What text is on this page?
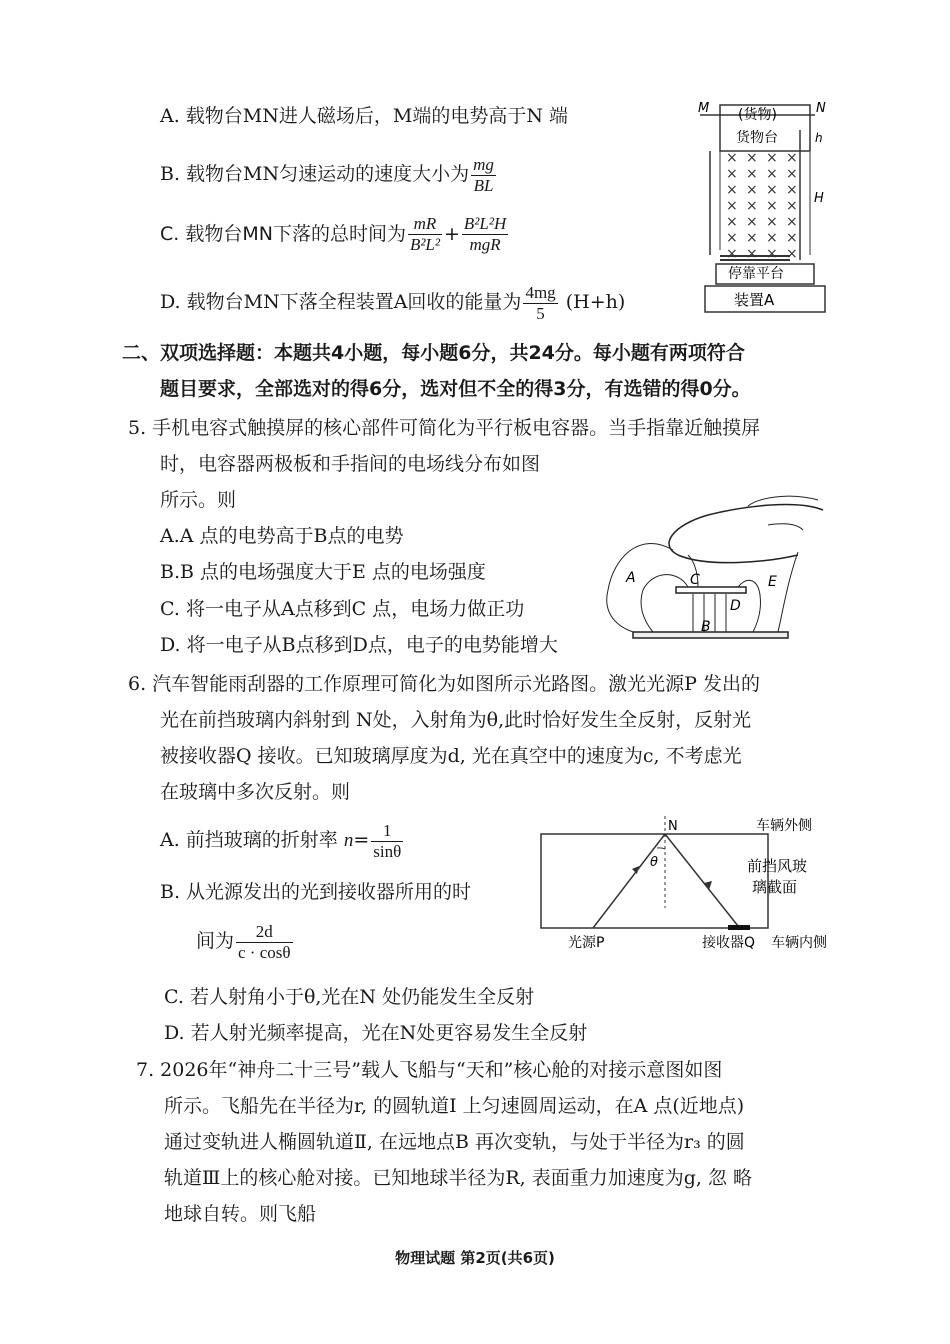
A. 载物台MN进人磁场后，M端的电势高于N 端
B. 载物台MN匀速运动的速度大小为 $\frac{mg}{BL}$
C. 载物台MN下落的总时间为 $\frac{mR}{\text{B²L²}} + \frac{\text{B²L²H}}{\text{mgR}}$
D. 载物台MN下落全程装置A回收的能量为 $\frac{4mg}{5} (H+h)$
M	N
(货物)
货物台	h
H
× × × ×
× × × ×
× × × ×
× × × ×
× × × ×
× × × ×
× × × ×
停靠平台
装置A
二、双项选择题：本题共4小题，每小题6分，共24分。每小题有两项符合
题目要求，全部选对的得6分，选对但不全的得3分，有选错的得0分。
5. 手机电容式触摸屏的核心部件可简化为平行板电容器。当手指靠近触摸屏
时，电容器两极板和手指间的电场线分布如图
所示。则
A.A 点的电势高于B点的电势
B.B 点的电场强度大于E 点的电场强度
C. 将一电子从A点移到C 点，电场力做正功
D. 将一电子从B点移到D点，电子的电势能增大
A
B
C
D
E
6. 汽车智能雨刮器的工作原理可简化为如图所示光路图。激光光源P 发出的
光在前挡玻璃内斜射到 N处，入射角为θ,此时恰好发生全反射，反射光
被接收器Q 接收。已知玻璃厚度为d, 光在真空中的速度为c, 不考虑光
在玻璃中多次反射。则
A. 前挡玻璃的折射率 $n= \frac{1}{\sin\theta}$
B. 从光源发出的光到接收器所用的时
间为 $\frac{2d}{c \cdot \cos\theta}$
C. 若人射角小于θ,光在N 处仍能发生全反射
D. 若人射光频率提高，光在N处更容易发生全反射
N	车辆外侧
θ	前挡风玻
璃截面
光源P	接收器Q 车辆内侧
7. 2026年“神舟二十三号”载人飞船与“天和”核心舱的对接示意图如图
所示。飞船先在半径为r, 的圆轨道I 上匀速圆周运动，在A 点(近地点)
通过变轨进人椭圆轨道Ⅱ, 在远地点B 再次变轨，与处于半径为r₃ 的圆
轨道Ⅲ上的核心舱对接。已知地球半径为R, 表面重力加速度为g, 忽 略
地球自转。则飞船
物理试题 第2页(共6页)
